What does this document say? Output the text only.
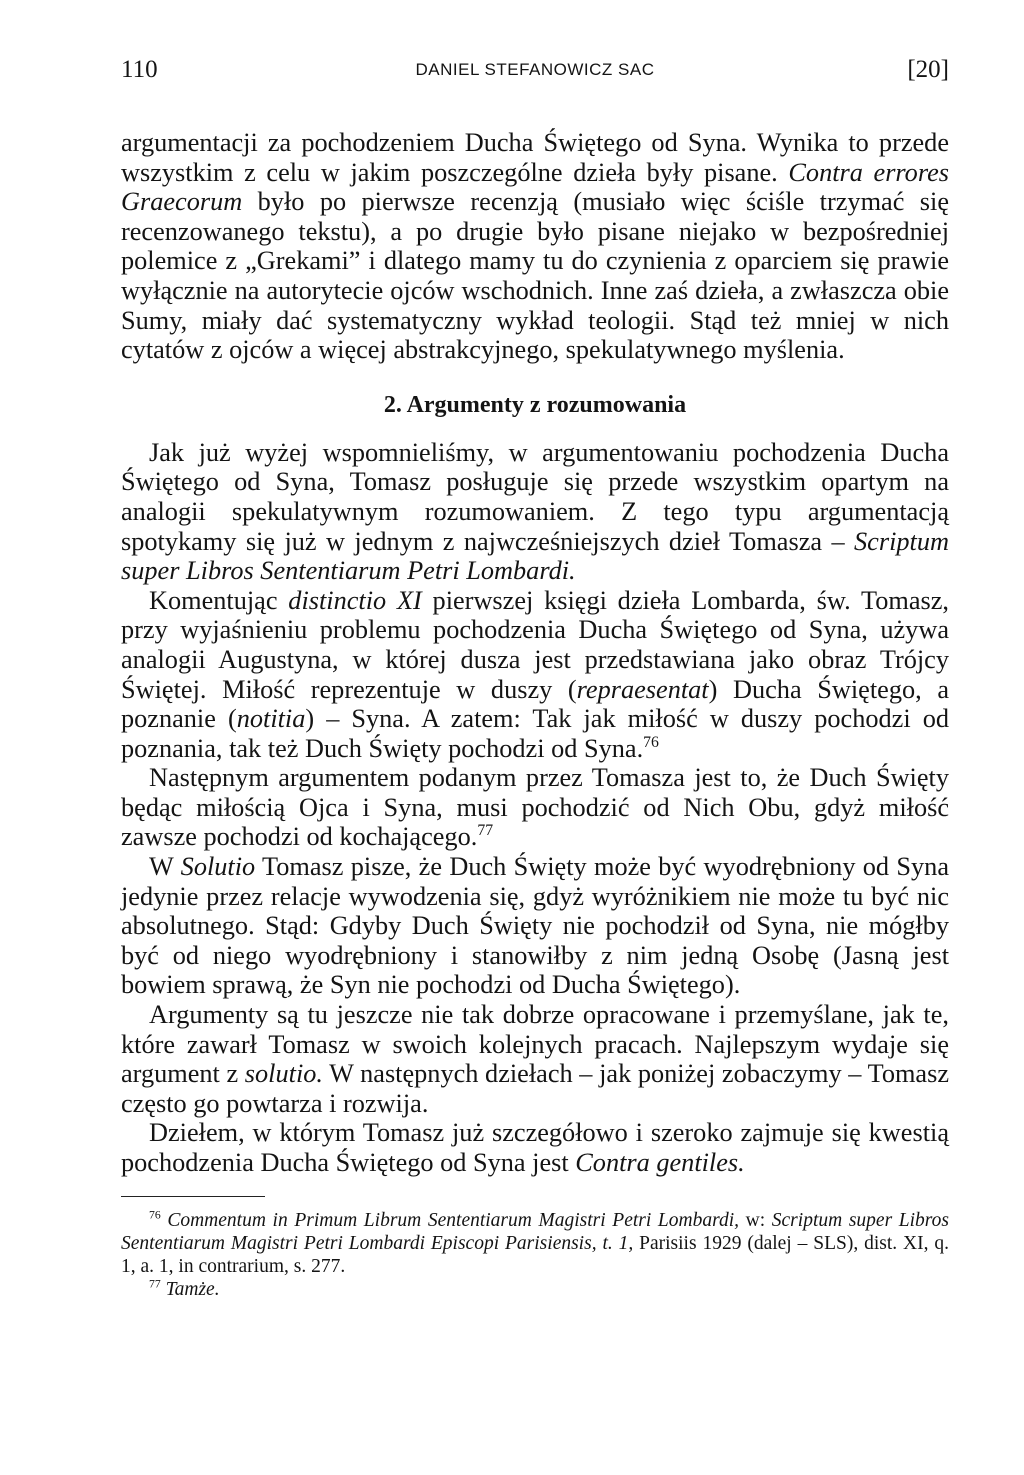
110	DANIEL STEFANOWICZ SAC	[20]

argumentacji za pochodzeniem Ducha Świętego od Syna. Wynika to przede wszystkim z celu w jakim poszczególne dzieła były pisane. Contra errores Graecorum było po pierwsze recenzją (musiało więc ściśle trzymać się recenzowanego tekstu), a po drugie było pisane niejako w bezpośredniej polemice z „Grekami” i dlatego mamy tu do czynienia z oparciem się prawie wyłącznie na autorytecie ojców wschodnich. Inne zaś dzieła, a zwłaszcza obie Sumy, miały dać systematyczny wykład teologii. Stąd też mniej w nich cytatów z ojców a więcej abstrakcyjnego, spekulatywnego myślenia.

2. Argumenty z rozumowania

Jak już wyżej wspomnieliśmy, w argumentowaniu pochodzenia Ducha Świętego od Syna, Tomasz posługuje się przede wszystkim opartym na analogii spekulatywnym rozumowaniem. Z tego typu argumentacją spotykamy się już w jednym z najwcześniejszych dzieł Tomasza – Scriptum super Libros Sententiarum Petri Lombardi.

Komentując distinctio XI pierwszej księgi dzieła Lombarda, św. Tomasz, przy wyjaśnieniu problemu pochodzenia Ducha Świętego od Syna, używa analogii Augustyna, w której dusza jest przedstawiana jako obraz Trójcy Świętej. Miłość reprezentuje w duszy (repraesentat) Ducha Świętego, a poznanie (notitia) – Syna. A zatem: Tak jak miłość w duszy pochodzi od poznania, tak też Duch Święty pochodzi od Syna.$^{76}$

Następnym argumentem podanym przez Tomasza jest to, że Duch Święty będąc miłością Ojca i Syna, musi pochodzić od Nich Obu, gdyż miłość zawsze pochodzi od kochającego.$^{77}$

W Solutio Tomasz pisze, że Duch Święty może być wyodrębniony od Syna jedynie przez relacje wywodzenia się, gdyż wyróżnikiem nie może tu być nic absolutnego. Stąd: Gdyby Duch Święty nie pochodził od Syna, nie mógłby być od niego wyodrębniony i stanowiłby z nim jedną Osobę (Jasną jest bowiem sprawą, że Syn nie pochodzi od Ducha Świętego).

Argumenty są tu jeszcze nie tak dobrze opracowane i przemyślane, jak te, które zawarł Tomasz w swoich kolejnych pracach. Najlepszym wydaje się argument z solutio. W następnych dziełach – jak poniżej zobaczymy – Tomasz często go powtarza i rozwija.

Dziełem, w którym Tomasz już szczegółowo i szeroko zajmuje się kwestią pochodzenia Ducha Świętego od Syna jest Contra gentiles.

$^{76}$ Commentum in Primum Librum Sententiarum Magistri Petri Lombardi, w: Scriptum super Libros Sententiarum Magistri Petri Lombardi Episcopi Parisiensis, t. 1, Parisiis 1929 (dalej – SLS), dist. XI, q. 1, a. 1, in contrarium, s. 277.

$^{77}$ Tamże.
